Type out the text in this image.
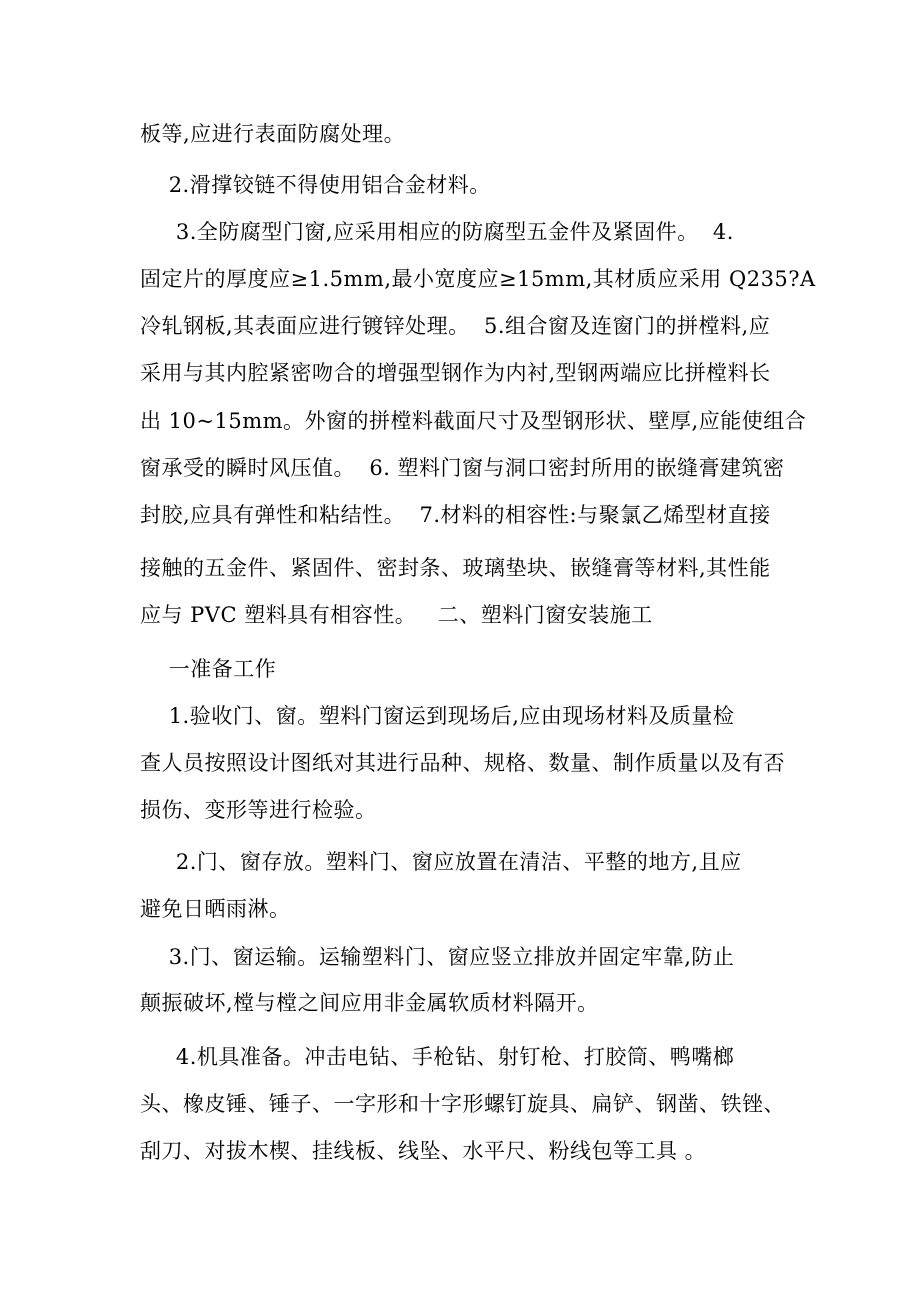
板等,应进行表面防腐处理。
2.滑撑铰链不得使用铝合金材料。
3.全防腐型门窗,应采用相应的防腐型五金件及紧固件。  4.
固定片的厚度应≥1.5mm,最小宽度应≥15mm,其材质应采用 Q235?A
冷轧钢板,其表面应进行镀锌处理。  5.组合窗及连窗门的拼樘料,应
采用与其内腔紧密吻合的增强型钢作为内衬,型钢两端应比拼樘料长
出 10~15mm。外窗的拼樘料截面尺寸及型钢形状、壁厚,应能使组合
窗承受的瞬时风压值。  6. 塑料门窗与洞口密封所用的嵌缝膏建筑密
封胶,应具有弹性和粘结性。  7.材料的相容性:与聚氯乙烯型材直接
接触的五金件、紧固件、密封条、玻璃垫块、嵌缝膏等材料,其性能
应与 PVC 塑料具有相容性。   二、塑料门窗安装施工
一准备工作
1.验收门、窗。塑料门窗运到现场后,应由现场材料及质量检
查人员按照设计图纸对其进行品种、规格、数量、制作质量以及有否
损伤、变形等进行检验。
2.门、窗存放。塑料门、窗应放置在清洁、平整的地方,且应
避免日晒雨淋。
3.门、窗运输。运输塑料门、窗应竖立排放并固定牢靠,防止
颠振破坏,樘与樘之间应用非金属软质材料隔开。
4.机具准备。冲击电钻、手枪钻、射钉枪、打胶筒、鸭嘴榔
头、橡皮锤、锤子、一字形和十字形螺钉旋具、扁铲、钢凿、铁锉、
刮刀、对拔木楔、挂线板、线坠、水平尺、粉线包等工具 。
